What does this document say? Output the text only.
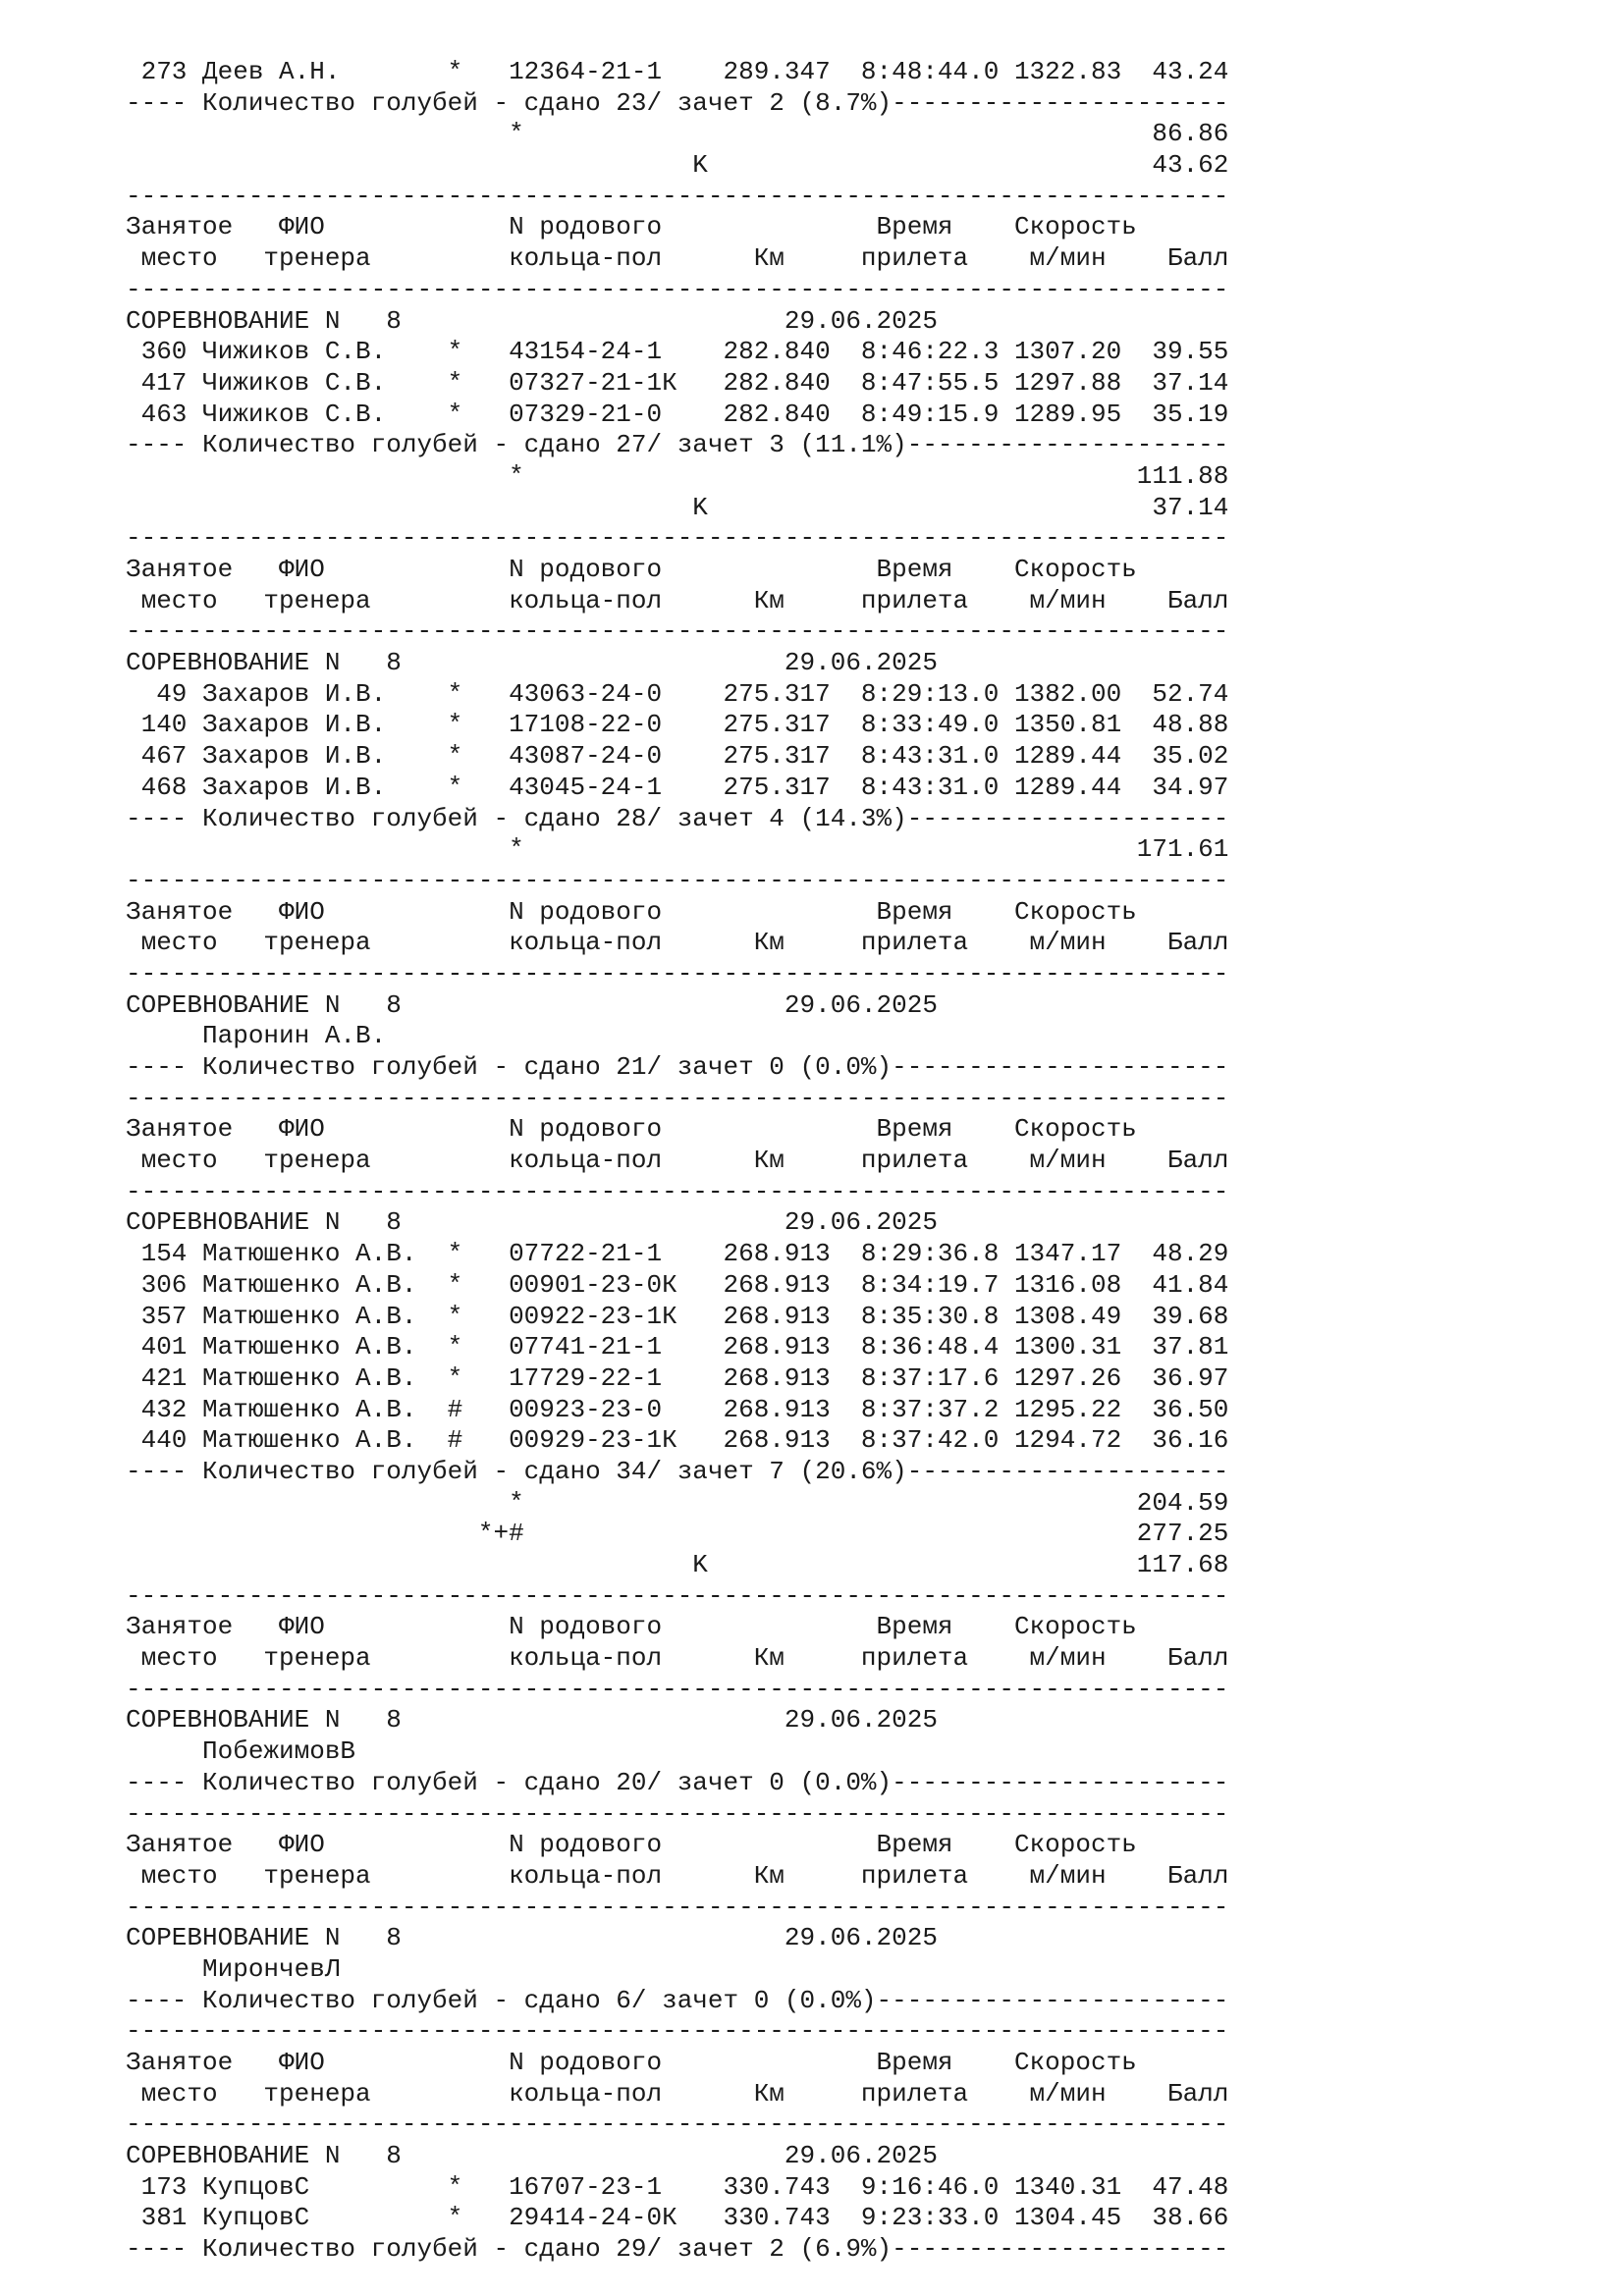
273 Деев А.Н.       *   12364-21-1    289.347  8:48:44.0 1322.83  43.24
---- Количество голубей - сдано 23/ зачет 2 (8.7%)----------------------
*                                         86.86
K                             43.62
------------------------------------------------------------------------
Занятое   ФИО            N родового              Время    Скорость
место   тренера         кольца-пол      Км     прилета    м/мин    Балл
------------------------------------------------------------------------
СОРЕВНОВАНИЕ N   8                         29.06.2025
360 Чижиков С.В.    *   43154-24-1    282.840  8:46:22.3 1307.20  39.55
417 Чижиков С.В.    *   07327-21-1К   282.840  8:47:55.5 1297.88  37.14
463 Чижиков С.В.    *   07329-21-0    282.840  8:49:15.9 1289.95  35.19
---- Количество голубей - сдано 27/ зачет 3 (11.1%)---------------------
*                                        111.88
K                             37.14
------------------------------------------------------------------------
Занятое   ФИО            N родового              Время    Скорость
место   тренера         кольца-пол      Км     прилета    м/мин    Балл
------------------------------------------------------------------------
СОРЕВНОВАНИЕ N   8                         29.06.2025
49 Захаров И.В.    *   43063-24-0    275.317  8:29:13.0 1382.00  52.74
140 Захаров И.В.    *   17108-22-0    275.317  8:33:49.0 1350.81  48.88
467 Захаров И.В.    *   43087-24-0    275.317  8:43:31.0 1289.44  35.02
468 Захаров И.В.    *   43045-24-1    275.317  8:43:31.0 1289.44  34.97
---- Количество голубей - сдано 28/ зачет 4 (14.3%)---------------------
*                                        171.61
------------------------------------------------------------------------
Занятое   ФИО            N родового              Время    Скорость
место   тренера         кольца-пол      Км     прилета    м/мин    Балл
------------------------------------------------------------------------
СОРЕВНОВАНИЕ N   8                         29.06.2025
Паронин А.В.
---- Количество голубей - сдано 21/ зачет 0 (0.0%)----------------------
------------------------------------------------------------------------
Занятое   ФИО            N родового              Время    Скорость
место   тренера         кольца-пол      Км     прилета    м/мин    Балл
------------------------------------------------------------------------
СОРЕВНОВАНИЕ N   8                         29.06.2025
154 Матюшенко А.В.  *   07722-21-1    268.913  8:29:36.8 1347.17  48.29
306 Матюшенко А.В.  *   00901-23-0К   268.913  8:34:19.7 1316.08  41.84
357 Матюшенко А.В.  *   00922-23-1К   268.913  8:35:30.8 1308.49  39.68
401 Матюшенко А.В.  *   07741-21-1    268.913  8:36:48.4 1300.31  37.81
421 Матюшенко А.В.  *   17729-22-1    268.913  8:37:17.6 1297.26  36.97
432 Матюшенко А.В.  #   00923-23-0    268.913  8:37:37.2 1295.22  36.50
440 Матюшенко А.В.  #   00929-23-1К   268.913  8:37:42.0 1294.72  36.16
---- Количество голубей - сдано 34/ зачет 7 (20.6%)---------------------
*                                        204.59
*+#                                        277.25
K                            117.68
------------------------------------------------------------------------
Занятое   ФИО            N родового              Время    Скорость
место   тренера         кольца-пол      Км     прилета    м/мин    Балл
------------------------------------------------------------------------
СОРЕВНОВАНИЕ N   8                         29.06.2025
ПобежимовВ
---- Количество голубей - сдано 20/ зачет 0 (0.0%)----------------------
------------------------------------------------------------------------
Занятое   ФИО            N родового              Время    Скорость
место   тренера         кольца-пол      Км     прилета    м/мин    Балл
------------------------------------------------------------------------
СОРЕВНОВАНИЕ N   8                         29.06.2025
МирончевЛ
---- Количество голубей - сдано 6/ зачет 0 (0.0%)-----------------------
------------------------------------------------------------------------
Занятое   ФИО            N родового              Время    Скорость
место   тренера         кольца-пол      Км     прилета    м/мин    Балл
------------------------------------------------------------------------
СОРЕВНОВАНИЕ N   8                         29.06.2025
173 КупцовС         *   16707-23-1    330.743  9:16:46.0 1340.31  47.48
381 КупцовС         *   29414-24-0К   330.743  9:23:33.0 1304.45  38.66
---- Количество голубей - сдано 29/ зачет 2 (6.9%)----------------------
